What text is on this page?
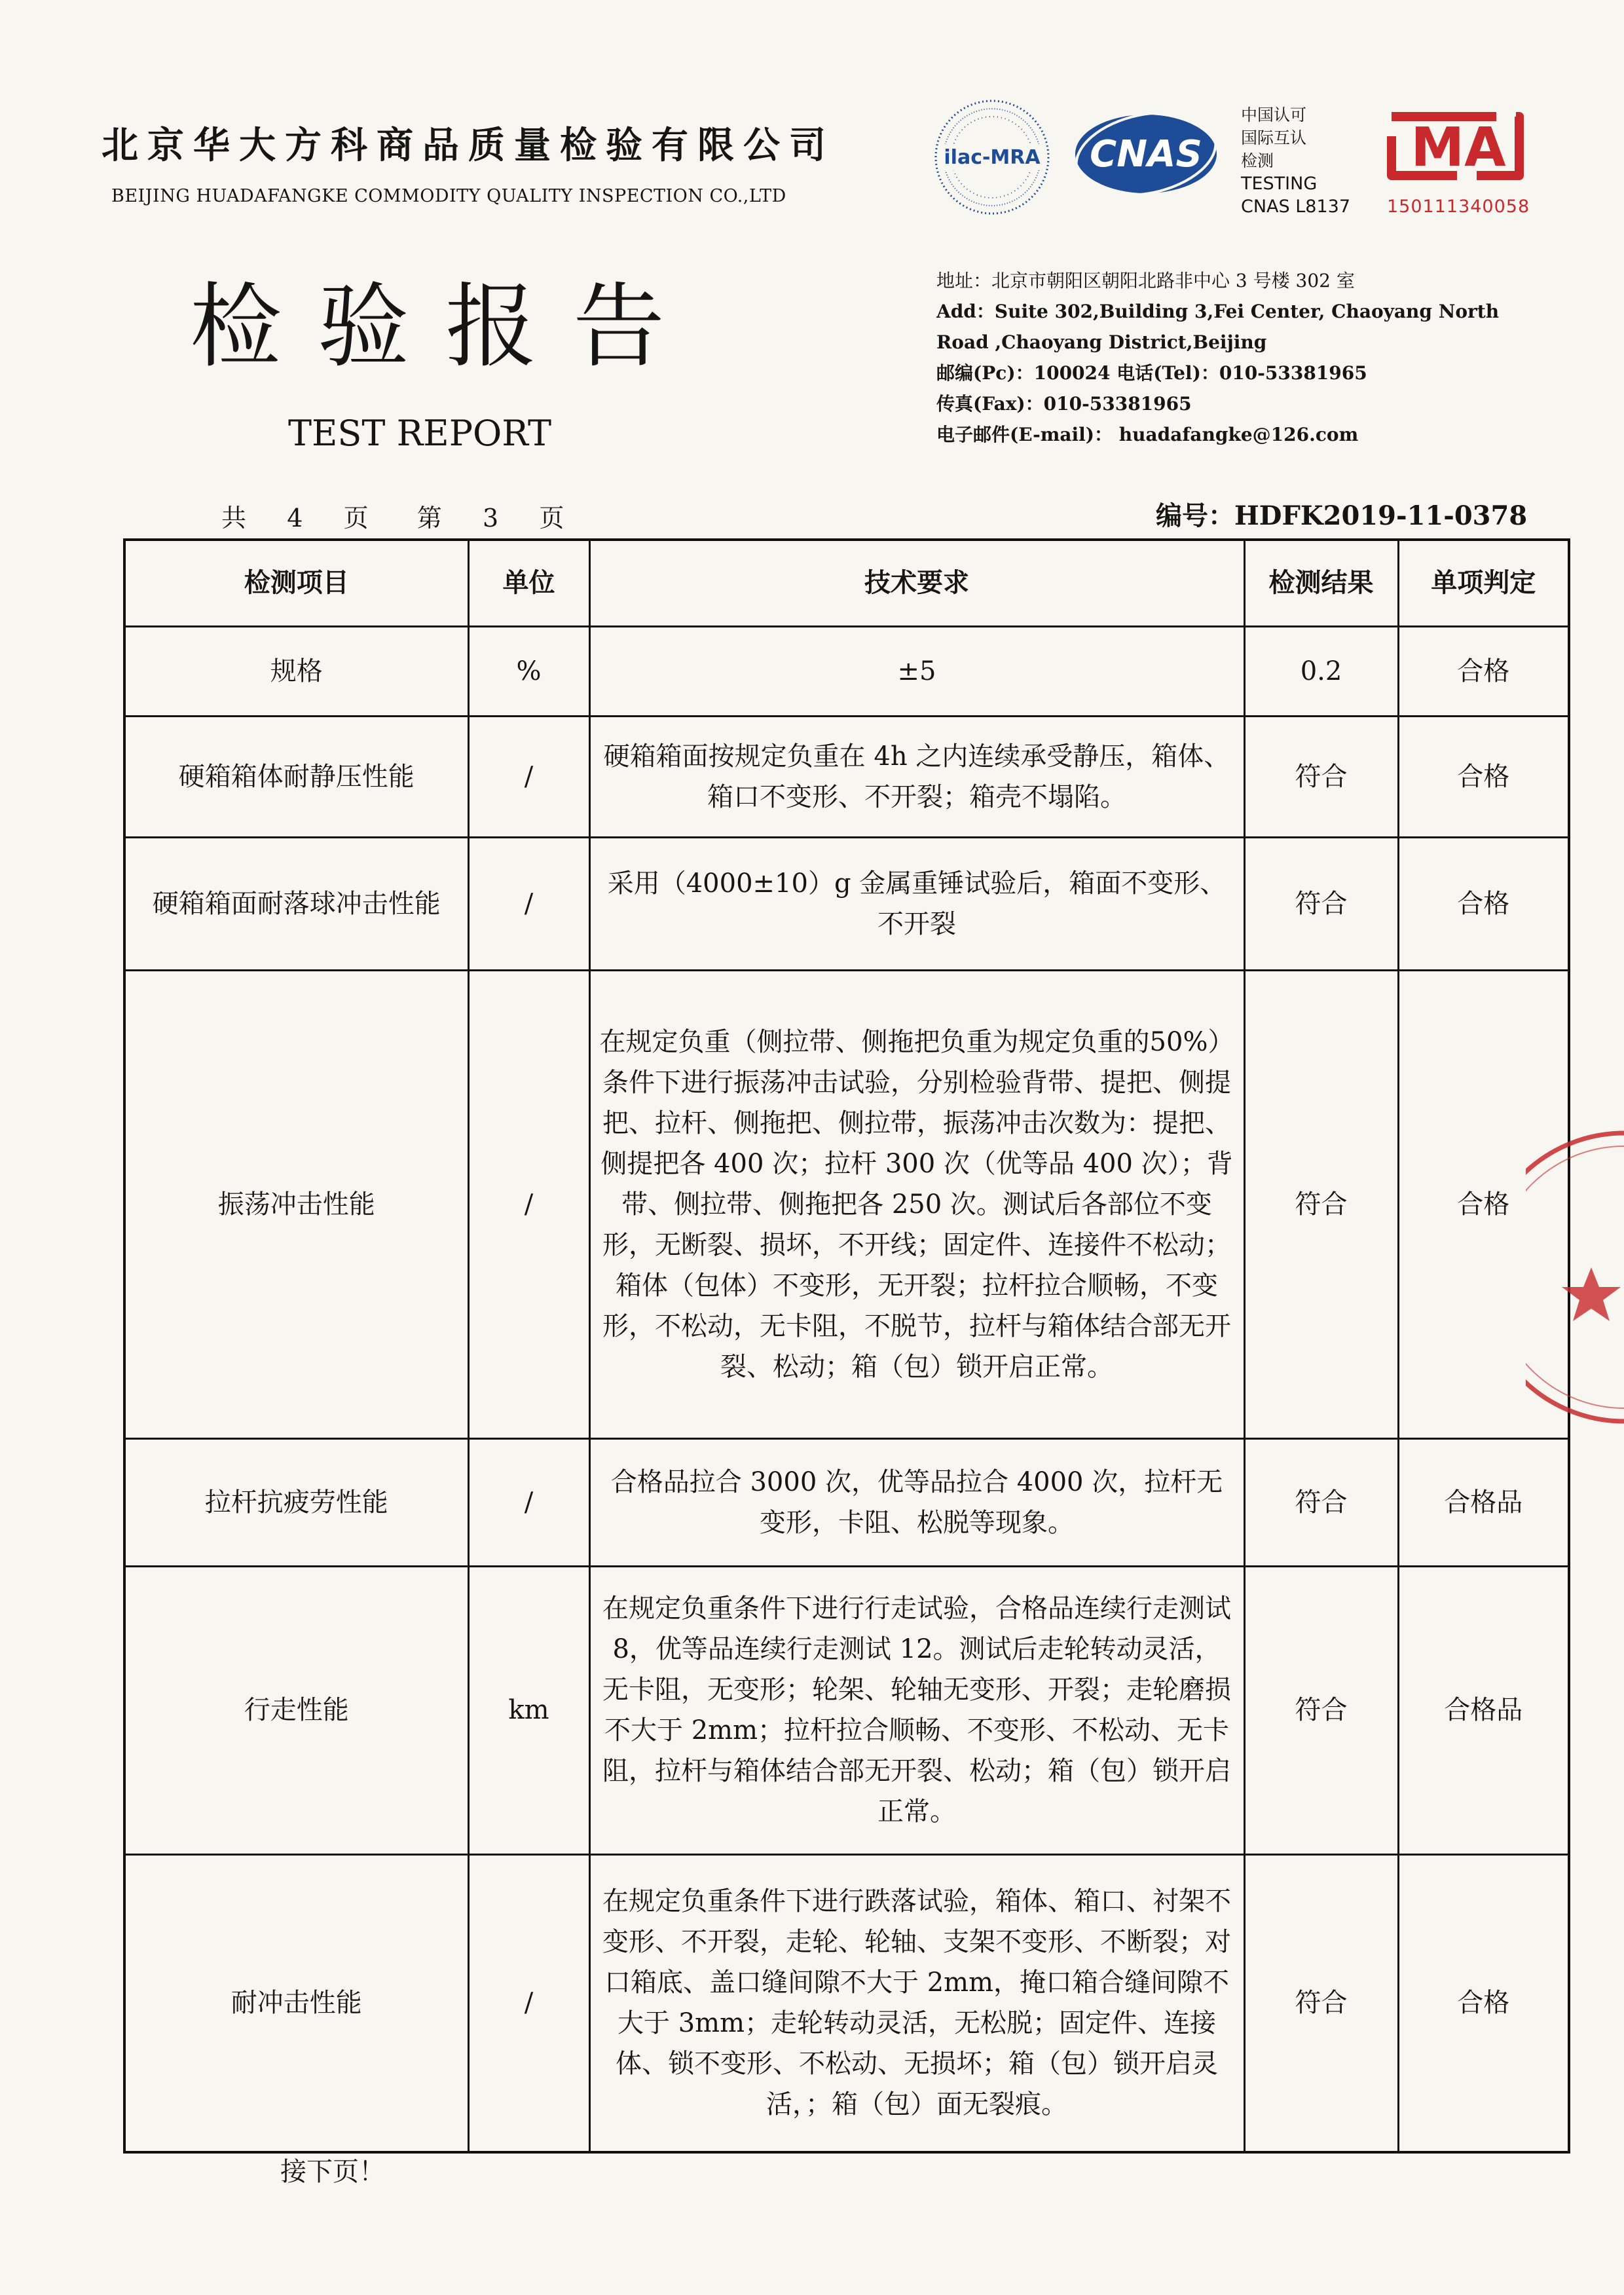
北京华大方科商品质量检验有限公司
BEIJING HUADAFANGKE COMMODITY QUALITY INSPECTION CO.,LTD
检验报告
TEST REPORT
ilac-MRA CNAS
中国认可
国际互认
检测
TESTING
CNAS L8137
MA
150111340058
地址：北京市朝阳区朝阳北路非中心 3 号楼 302 室
Add：Suite 302,Building 3,Fei Center, Chaoyang North
Road ,Chaoyang District,Beijing
邮编(Pc)：100024 电话(Tel)：010-53381965
传真(Fax)：010-53381965
电子邮件(E-mail)： huadafangke@126.com
共 4 页 第 3 页	编号：HDFK2019-11-0378
检测项目	单位	技术要求	检测结果	单项判定
规格	%	±5	0.2	合格
硬箱箱体耐静压性能	/	硬箱箱面按规定负重在 4h 之内连续承受静压，箱体、箱口不变形、不开裂；箱壳不塌陷。	符合	合格
硬箱箱面耐落球冲击性能	/	采用（4000±10）g 金属重锤试验后，箱面不变形、不开裂	符合	合格
振荡冲击性能	/	在规定负重（侧拉带、侧拖把负重为规定负重的50%）条件下进行振荡冲击试验，分别检验背带、提把、侧提把、拉杆、侧拖把、侧拉带，振荡冲击次数为：提把、侧提把各 400 次；拉杆 300 次（优等品 400 次）；背带、侧拉带、侧拖把各 250 次。测试后各部位不变形，无断裂、损坏，不开线；固定件、连接件不松动；箱体（包体）不变形，无开裂；拉杆拉合顺畅，不变形，不松动，无卡阻，不脱节，拉杆与箱体结合部无开裂、松动；箱（包）锁开启正常。	符合	合格
拉杆抗疲劳性能	/	合格品拉合 3000 次，优等品拉合 4000 次，拉杆无变形，卡阻、松脱等现象。	符合	合格品
行走性能	km	在规定负重条件下进行行走试验，合格品连续行走测试 8，优等品连续行走测试 12。测试后走轮转动灵活，无卡阻，无变形；轮架、轮轴无变形、开裂；走轮磨损不大于 2mm；拉杆拉合顺畅、不变形、不松动、无卡阻，拉杆与箱体结合部无开裂、松动；箱（包）锁开启正常。	符合	合格品
耐冲击性能	/	在规定负重条件下进行跌落试验，箱体、箱口、衬架不变形、不开裂，走轮、轮轴、支架不变形、不断裂；对口箱底、盖口缝间隙不大于 2mm，掩口箱合缝间隙不大于 3mm；走轮转动灵活，无松脱；固定件、连接体、锁不变形、不松动、无损坏；箱（包）锁开启灵活，；箱（包）面无裂痕。	符合	合格
接下页！
